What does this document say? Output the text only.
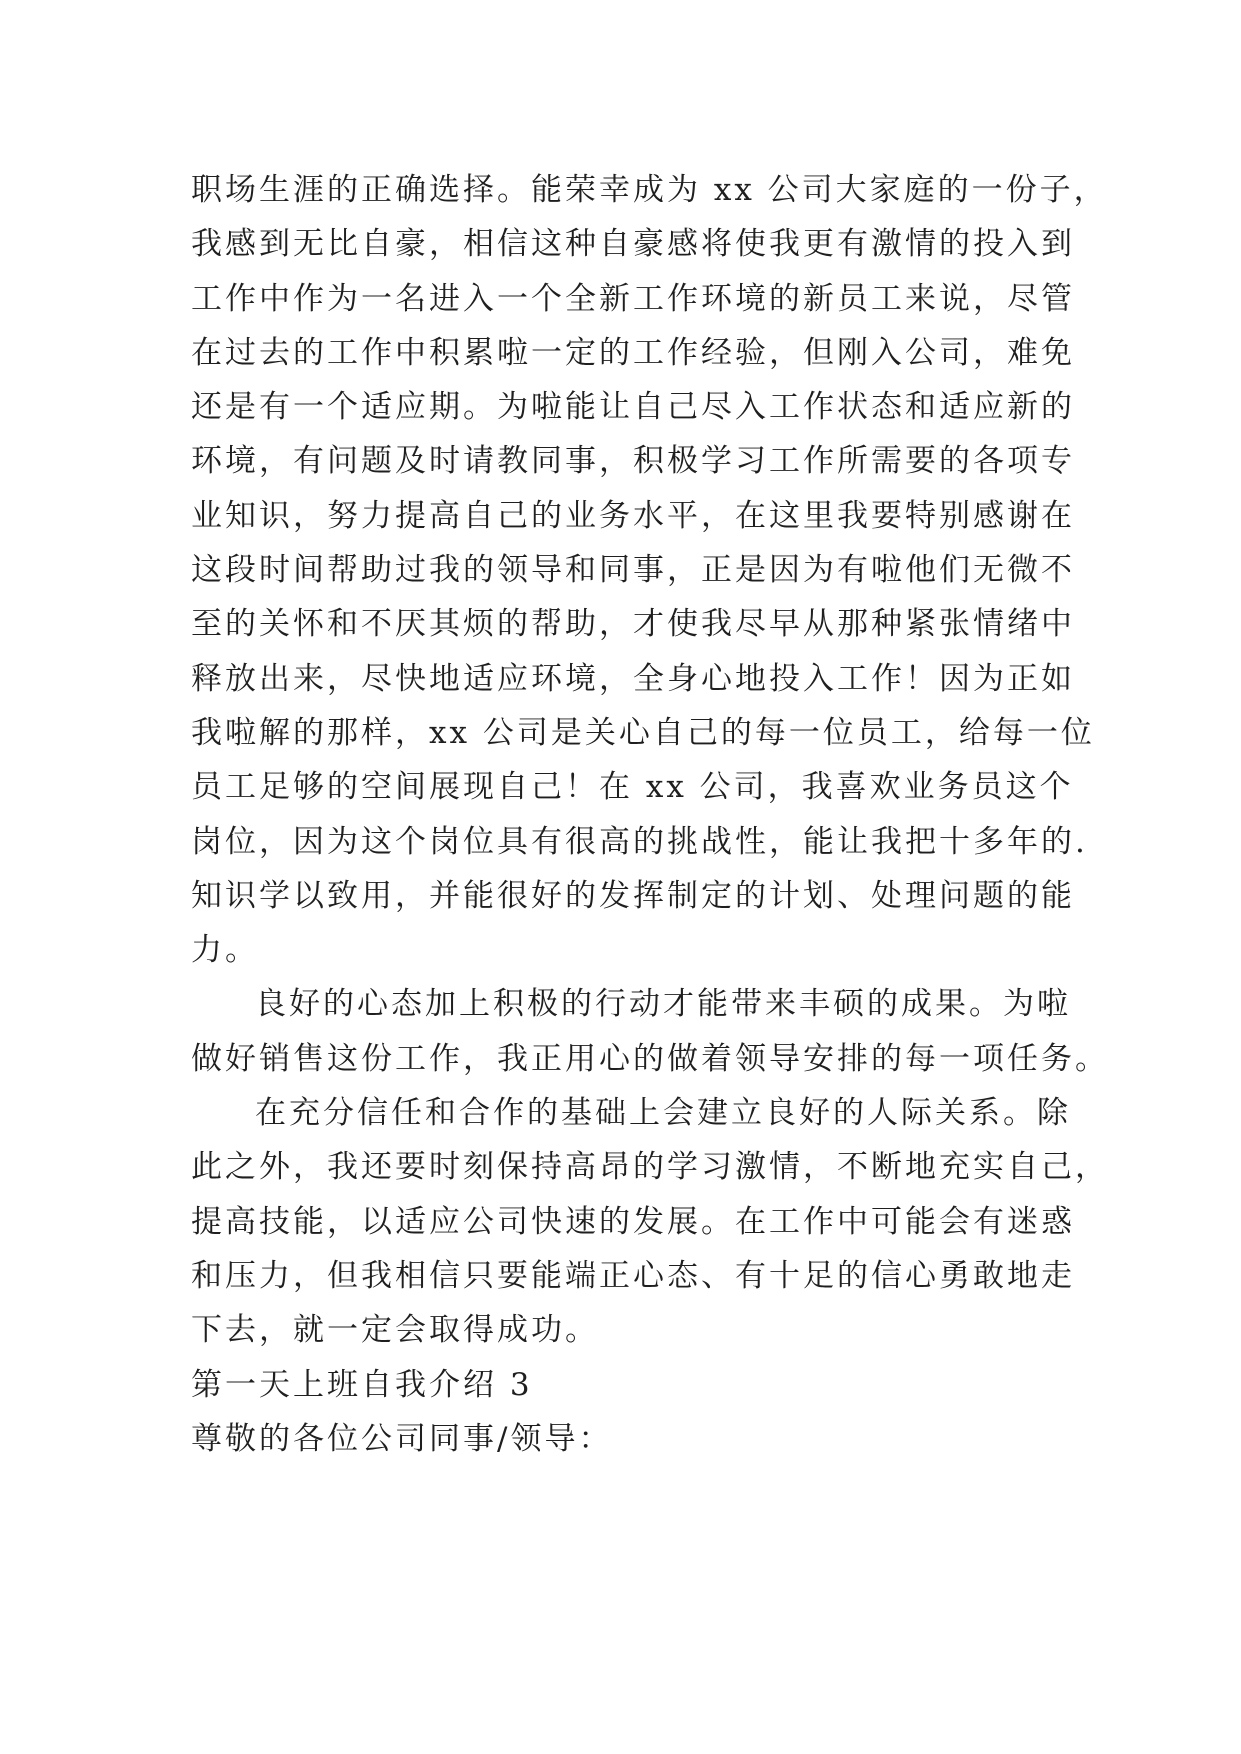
职场生涯的正确选择。能荣幸成为 xx 公司大家庭的一份子，
我感到无比自豪，相信这种自豪感将使我更有激情的投入到
工作中作为一名进入一个全新工作环境的新员工来说，尽管
在过去的工作中积累啦一定的工作经验，但刚入公司，难免
还是有一个适应期。为啦能让自己尽入工作状态和适应新的
环境，有问题及时请教同事，积极学习工作所需要的各项专
业知识，努力提高自己的业务水平，在这里我要特别感谢在
这段时间帮助过我的领导和同事，正是因为有啦他们无微不
至的关怀和不厌其烦的帮助，才使我尽早从那种紧张情绪中
释放出来，尽快地适应环境，全身心地投入工作！因为正如
我啦解的那样，xx 公司是关心自己的每一位员工，给每一位
员工足够的空间展现自己！在 xx 公司，我喜欢业务员这个
岗位，因为这个岗位具有很高的挑战性，能让我把十多年的.
知识学以致用，并能很好的发挥制定的计划、处理问题的能
力。
良好的心态加上积极的行动才能带来丰硕的成果。为啦
做好销售这份工作，我正用心的做着领导安排的每一项任务。
在充分信任和合作的基础上会建立良好的人际关系。除
此之外，我还要时刻保持高昂的学习激情，不断地充实自己，
提高技能，以适应公司快速的发展。在工作中可能会有迷惑
和压力，但我相信只要能端正心态、有十足的信心勇敢地走
下去，就一定会取得成功。
第一天上班自我介绍 3
尊敬的各位公司同事/领导：
